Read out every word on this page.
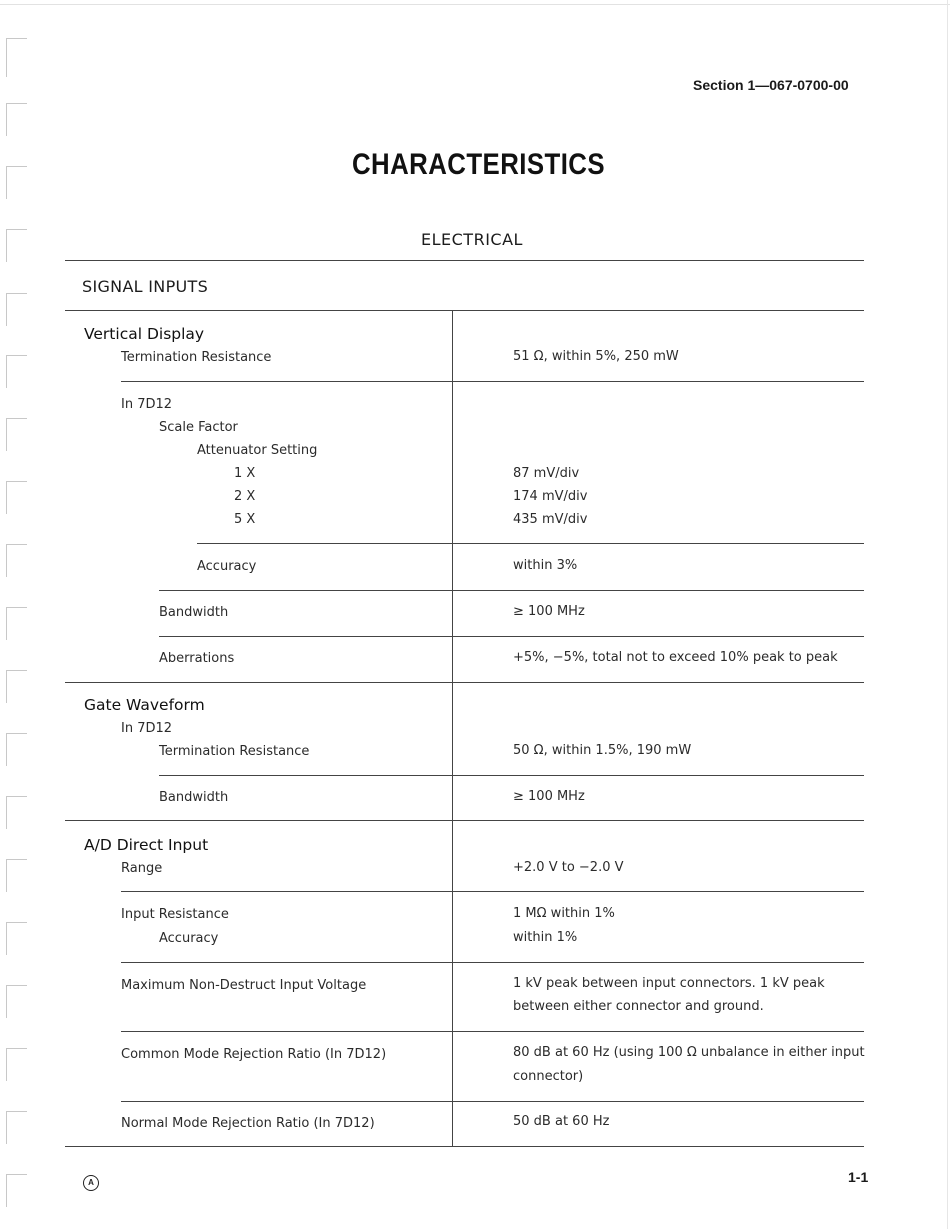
Section 1—067-0700-00
CHARACTERISTICS
ELECTRICAL
SIGNAL INPUTS
Vertical Display
Termination Resistance	51 Ω, within 5%, 250 mW
In 7D12
Scale Factor
Attenuator Setting
1 X	87 mV/div
2 X	174 mV/div
5 X	435 mV/div
Accuracy	within 3%
Bandwidth	≥ 100 MHz
Aberrations	+5%, −5%, total not to exceed 10% peak to peak
Gate Waveform
In 7D12
Termination Resistance	50 Ω, within 1.5%, 190 mW
Bandwidth	≥ 100 MHz
A/D Direct Input
Range	+2.0 V to −2.0 V
Input Resistance	1 MΩ within 1%
Accuracy	within 1%
Maximum Non-Destruct Input Voltage	1 kV peak between input connectors. 1 kV peak
between either connector and ground.
Common Mode Rejection Ratio (In 7D12)	80 dB at 60 Hz (using 100 Ω unbalance in either input
connector)
Normal Mode Rejection Ratio (In 7D12)	50 dB at 60 Hz
A	1-1
